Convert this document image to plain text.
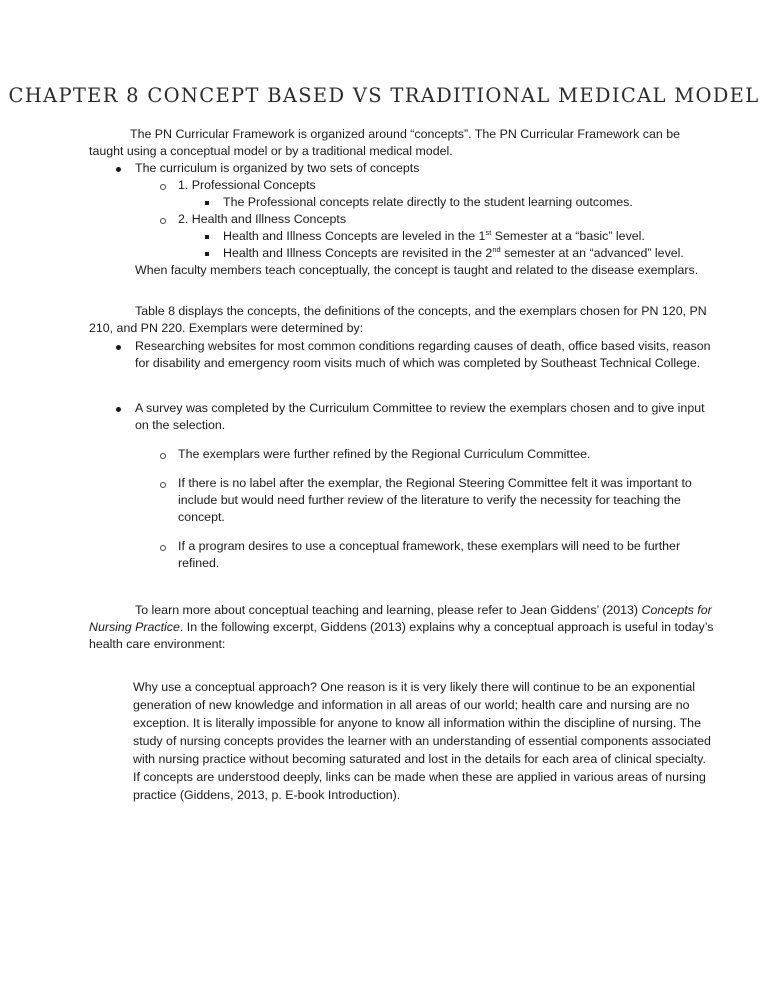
CHAPTER 8 CONCEPT BASED VS TRADITIONAL MEDICAL MODEL
The PN Curricular Framework is organized around “concepts”. The PN Curricular Framework can be
taught using a conceptual model or by a traditional medical model.
The curriculum is organized by two sets of concepts
1. Professional Concepts
The Professional concepts relate directly to the student learning outcomes.
2. Health and Illness Concepts
Health and Illness Concepts are leveled in the 1st Semester at a “basic” level.
Health and Illness Concepts are revisited in the 2nd semester at an “advanced” level.
When faculty members teach conceptually, the concept is taught and related to the disease exemplars.
Table 8 displays the concepts, the definitions of the concepts, and the exemplars chosen for PN 120, PN
210, and PN 220. Exemplars were determined by:
Researching websites for most common conditions regarding causes of death, office based visits, reason
for disability and emergency room visits much of which was completed by Southeast Technical College.
A survey was completed by the Curriculum Committee to review the exemplars chosen and to give input
on the selection.
The exemplars were further refined by the Regional Curriculum Committee.
If there is no label after the exemplar, the Regional Steering Committee felt it was important to
include but would need further review of the literature to verify the necessity for teaching the
concept.
If a program desires to use a conceptual framework, these exemplars will need to be further
refined.
To learn more about conceptual teaching and learning, please refer to Jean Giddens’ (2013) Concepts for
Nursing Practice. In the following excerpt, Giddens (2013) explains why a conceptual approach is useful in today’s
health care environment:
Why use a conceptual approach? One reason is it is very likely there will continue to be an exponential
generation of new knowledge and information in all areas of our world; health care and nursing are no
exception. It is literally impossible for anyone to know all information within the discipline of nursing. The
study of nursing concepts provides the learner with an understanding of essential components associated
with nursing practice without becoming saturated and lost in the details for each area of clinical specialty.
If concepts are understood deeply, links can be made when these are applied in various areas of nursing
practice (Giddens, 2013, p. E-book Introduction).
